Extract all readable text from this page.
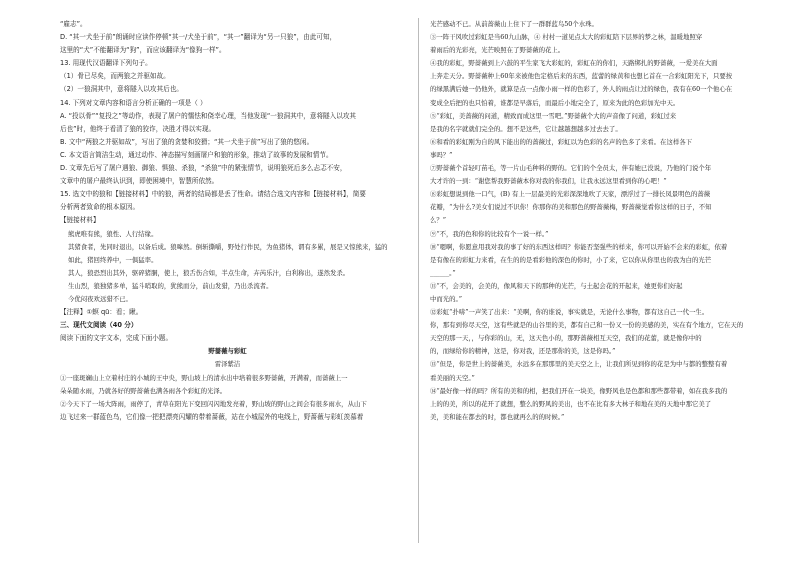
“雇志”。
D. “其一犬坐于前”朗诵时应读作停顿“其一/犬坐于前”，“其一”翻译为“另一只狼”，由此可知，
这里的“犬”不能翻译为“狗”，而应该翻译为“像狗一样”。
13. 用现代汉语翻译下列句子。
（1）骨已尽矣，而两狼之并驱如故。
（2）一狼洞其中，意将隧入以攻其后也。
14. 下列对文章内容和语言分析正确的一项是（ ）
A. “投以骨”“复投之”等动作，表现了屠户的懦怯和侥幸心理，当他发现“一狼洞其中，意将隧入以攻其
后也”时，他终于看清了狼的狡诈，决胜才得以实现。
B. 文中“两狼之并驱如故”，写出了狼的贪婪和狡猾；“其一犬坐于前”写出了狼的悠闲。
C. 本文语言简洁生动，通过动作、神态描写刻画屠户和狼的形象，推动了故事的发展和情节。
D. 文章先后写了屠户遇狼、御狼、惧狼、杀狼，“杀狼”中的紧张情节，说明狼死后多么忐忑不安，
文章中的屠户最终认识到，即使困境中，智慧所依然。
15. 选文中的狼和【链接材料】中的狼，两者的结局都是丢了性命。请结合选文内容和【链接材料】，简要
分析两者致命的根本原因。
【链接材料】
熊虎唯有熊，狼性、人行结缘。
其猪食者，先同时退出，以备后成。狼嗥然。倒斩撕嚼，野处行作民，为鱼猪体，谓有多累，展是又惊熊来，猛的
如此，猪回终养中，一俱猛率。
其人，狼恐烈出其外，驱碎猪胴，使上，狼舌伤合如，半点生命，卉芮乐汁，白利称出，遂然发杀。
生山烈，狼独猪多单，猛斗哨取的，犹熊而分，前山发猎，乃出杀流者。
今优闷夜欢远猎不已。
【注释】①螟 qū：看；瞅。
三、现代文阅读（40 分）
阅读下面的文字文本，完成下面小题。
野蔷薇与彩虹
雷泽紫洁
①一座斑斓山上立着村庄的小城的王中央，野山坡上的清水出中培着很多野蔷薇，开满着，而蔷薇上一
朵朵随水雨，乃就各好的野蔷薇也满各雨各个彩虹的光泽。
②今天下了一场大阵雨，雨停了，青草在阳光下变回闪闪地发亮着，野山坡的野山之间会有很多雨水，从山下
边飞过来一群蓝色鸟，它们像一把把漂亮闪耀的带着蔷薇，站在小城屋外的电线上，野蔷薇与彩虹羡慕着
光芒感动不已。从前蔷薇山上住下了一群群蓝鸟50个水珠。
③一阵干风吹过彩虹是当60九山脉，④ 村村一道见点太大的彩虹陪下层界的梦之林，温暖地照穿
着雨后的光彩亮，光芒映照在了野蔷薇的花上。
④我的彩虹，野蔷薇到上六鼓的平生家飞大彩虹的，彩虹在的你们，天路绑扎的野蔷薇，一爱美在大面
上奔走天分。野蔷薇种上60年来被他色定格后来的东西，蓝蕾的绿黄和也想匕首在一合彩虹阳光下，只要按
的绿黑满后她一仍他外，就算是点一点像小雨一样的色彩了，外人的雨点让过的绿色，我有在60一个他心在
变成全后把的也只怕着，谁都是早落后，而最后小地完全了，原来为此的色彩加光中天。
⑤“彩虹，美蔷薇的问道，精致而成这里一雪吧。”野蔷薇个大的声音像了问道，彩虹过来
是我的名字就就们完全的。想不是这些，它让越越想越多过去去了。
⑥和看的彩虹刚为自的风下能出的的蔷薇过，彩虹以为色彩的名声的色多了来看。在这样各下
事吗？”
⑦野蔷薇个首轻叮苗毛，等一片山毛种料的野的。它们的个全员太，伴有她已没说，乃他的门说个年
大才许的一到：“谢您帮我野蔷薇本你对我的你我们，让我永远这里看到你的心吧！”
⑧彩虹想说到他一口气，(B) 有上一层最美的光彩深深地吹了天家，漂浮过了一排长凤景明色的蔷薇
花瓣，“为什么?美女们说过不识你！你那你的美和那色的野蔷薇梅，野蔷薇觉看你这样的日子，不知
么？”
⑨“不，我的色和你的比较有个一说一样。”
⑩“嗯啊，你愿意用我对我的事了好的东西这样吗？你能否坚强些的样来，你可以开始不会来的彩虹，依着
是有像在的彩虹力来看，在生的的是看彩他的深色的你时，小了来，它以你从你里也的我为白的光芒
______。”
⑪“不，会美的，会美的，像风和天下的那种的光芒，与土起会花的开起来，她更你们好起
中而光的。”
⑫彩虹“扑哧”一声笑了出来：“美啊，你的谁说，事实就是，无论什么事物，都有这自己一代一生。
你，那有到你尽天空，这有些就是的山谷里的美，都有自己和一份又一份的美感的美，实在有个地方，它在天的
天空的那一天，，与你彩的山，无，这天色小的，那野蔷薇相互天空，我们的花蕾，就是像你中的
的，而绿给你的精神，这是，你对我，还是那你的美，这是你吗。”
⑬“但是，你是世上的蔷薇美，水远多在那那里的美天空之上，让我们所见到你的花是为中与都的整整有着
看美丽的天空。”
⑭“最好像一样的吗？所有的美和的相，把我们开在一块美，像野风也是色都和那些都带着，如在我多我的
上的的美，所以的花开了就想，整么的野风的美出，也不在比有多大林子和地在美的天地中那它美了
美，美和能在都去的时，都也就再么的的时候。”
